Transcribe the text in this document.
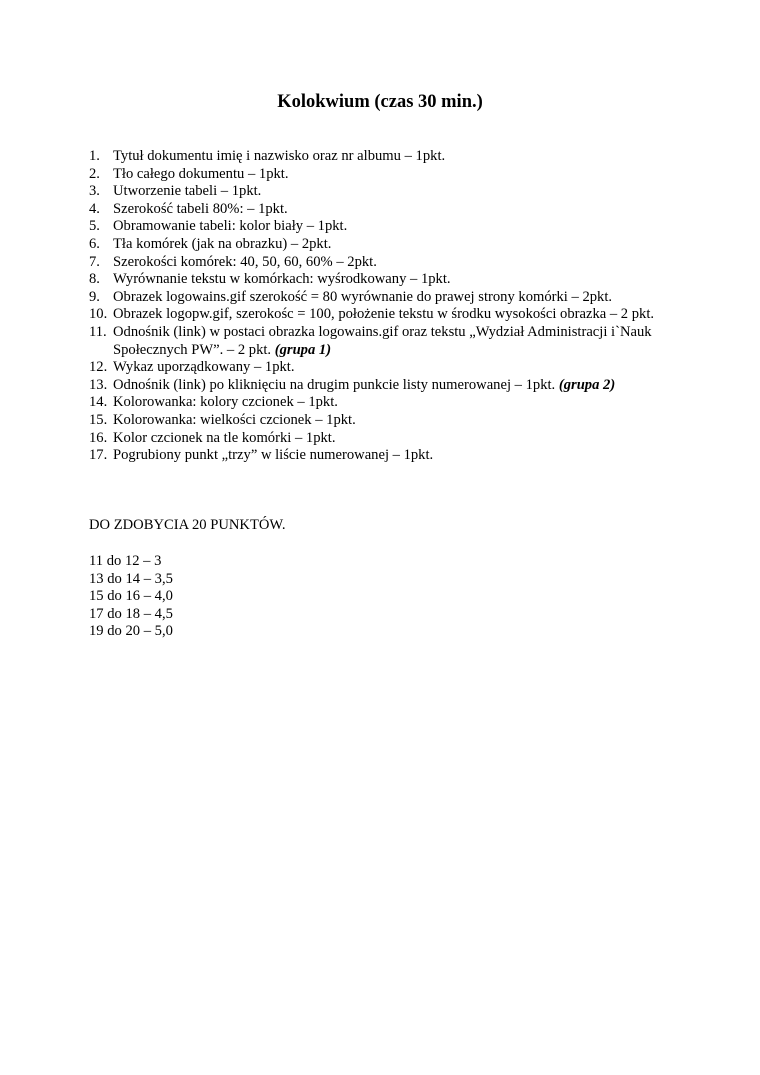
Kolokwium (czas 30 min.)
1. Tytuł dokumentu imię i nazwisko oraz nr albumu – 1pkt.
2. Tło całego dokumentu – 1pkt.
3. Utworzenie tabeli – 1pkt.
4. Szerokość tabeli 80%: – 1pkt.
5. Obramowanie tabeli: kolor biały – 1pkt.
6. Tła komórek (jak na obrazku) – 2pkt.
7. Szerokości komórek: 40, 50, 60, 60% – 2pkt.
8. Wyrównanie tekstu w komórkach: wyśrodkowany – 1pkt.
9. Obrazek logowains.gif szerokość = 80 wyrównanie do prawej strony komórki – 2pkt.
10. Obrazek logopw.gif, szerokośc = 100, położenie tekstu w środku wysokości obrazka – 2 pkt.
11. Odnośnik (link) w postaci obrazka logowains.gif oraz tekstu „Wydział Administracji i`Nauk Społecznych PW”. – 2 pkt. (grupa 1)
12. Wykaz uporządkowany – 1pkt.
13. Odnośnik (link) po kliknięciu na drugim punkcie listy numerowanej – 1pkt. (grupa 2)
14. Kolorowanka: kolory czcionek – 1pkt.
15. Kolorowanka: wielkości czcionek – 1pkt.
16. Kolor czcionek na tle komórki – 1pkt.
17. Pogrubiony punkt „trzy” w liście numerowanej – 1pkt.
DO ZDOBYCIA 20 PUNKTÓW.
11 do 12 – 3
13 do 14 – 3,5
15 do 16 – 4,0
17 do 18 – 4,5
19 do 20 – 5,0
